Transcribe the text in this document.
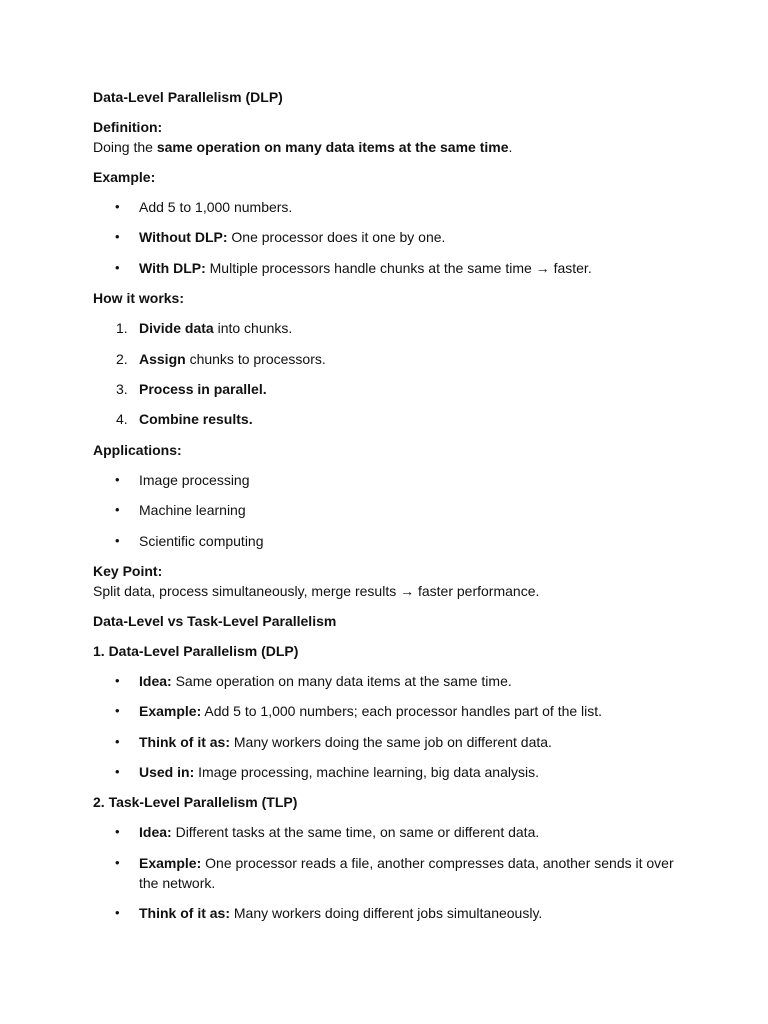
Data-Level Parallelism (DLP)
Definition:
Doing the same operation on many data items at the same time.
Example:
•	Add 5 to 1,000 numbers.
•	Without DLP: One processor does it one by one.
•	With DLP: Multiple processors handle chunks at the same time → faster.
How it works:
1. Divide data into chunks.
2. Assign chunks to processors.
3. Process in parallel.
4. Combine results.
Applications:
•	Image processing
•	Machine learning
•	Scientific computing
Key Point:
Split data, process simultaneously, merge results → faster performance.
Data-Level vs Task-Level Parallelism
1. Data-Level Parallelism (DLP)
•	Idea: Same operation on many data items at the same time.
•	Example: Add 5 to 1,000 numbers; each processor handles part of the list.
•	Think of it as: Many workers doing the same job on different data.
•	Used in: Image processing, machine learning, big data analysis.
2. Task-Level Parallelism (TLP)
•	Idea: Different tasks at the same time, on same or different data.
•	Example: One processor reads a file, another compresses data, another sends it over the network.
•	Think of it as: Many workers doing different jobs simultaneously.
